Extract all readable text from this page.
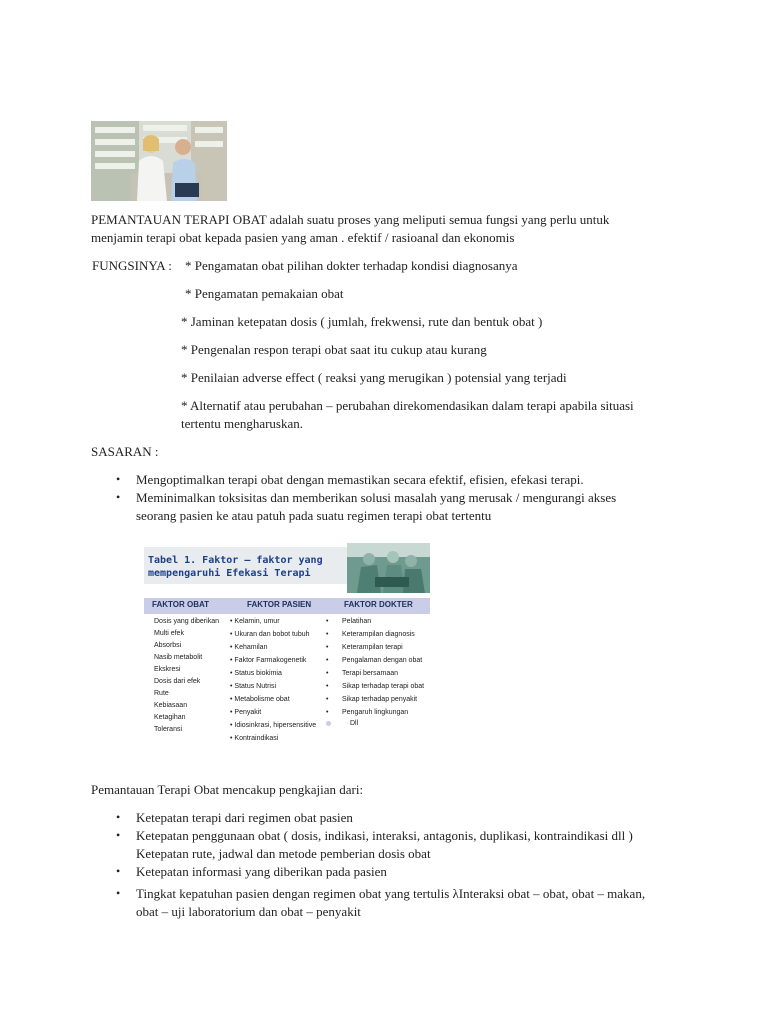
PEMANTAUAN TERAPI OBAT adalah suatu proses yang meliputi semua fungsi yang perlu untuk
menjamin terapi obat kepada pasien yang aman . efektif / rasioanal dan ekonomis
FUNGSINYA : * Pengamatan obat pilihan dokter terhadap kondisi diagnosanya
* Pengamatan pemakaian obat
* Jaminan ketepatan dosis ( jumlah, frekwensi, rute dan bentuk obat )
* Pengenalan respon terapi obat saat itu cukup atau kurang
* Penilaian adverse effect ( reaksi yang merugikan ) potensial yang terjadi
* Alternatif atau perubahan – perubahan direkomendasikan dalam terapi apabila situasi
tertentu mengharuskan.
SASARAN :
• Mengoptimalkan terapi obat dengan memastikan secara efektif, efisien, efekasi terapi.
• Meminimalkan toksisitas dan memberikan solusi masalah yang merusak / mengurangi akses
seorang pasien ke atau patuh pada suatu regimen terapi obat tertentu
Tabel 1. Faktor – faktor yang
mempengaruhi Efekasi Terapi
FAKTOR OBAT	FAKTOR PASIEN	FAKTOR DOKTER
Dosis yang diberikan
Multi efek
Absorbsi
Nasib metabolit
Ekskresi
Dosis dari efek
Rute
Kebiasaan
Ketagihan
Toleransi
• Kelamin, umur
• Ukuran dan bobot tubuh
• Kehamilan
• Faktor Farmakogenetik
• Status biokimia
• Status Nutrisi
• Metabolisme obat
• Penyakit
• Idiosinkrasi, hipersensitive
• Kontraindikasi
•
•
•
•
•
•
•
•
Pelatihan
Keterampilan diagnosis
Keterampilan terapi
Pengalaman dengan obat
Terapi bersamaan
Sikap terhadap terapi obat
Sikap terhadap penyakit
Pengaruh lingkungan
Dll
Pemantauan Terapi Obat mencakup pengkajian dari:
• Ketepatan terapi dari regimen obat pasien
• Ketepatan penggunaan obat ( dosis, indikasi, interaksi, antagonis, duplikasi, kontraindikasi dll )
Ketepatan rute, jadwal dan metode pemberian dosis obat
• Ketepatan informasi yang diberikan pada pasien
• Tingkat kepatuhan pasien dengan regimen obat yang tertulis λInteraksi obat – obat, obat – makan,
obat – uji laboratorium dan obat – penyakit
